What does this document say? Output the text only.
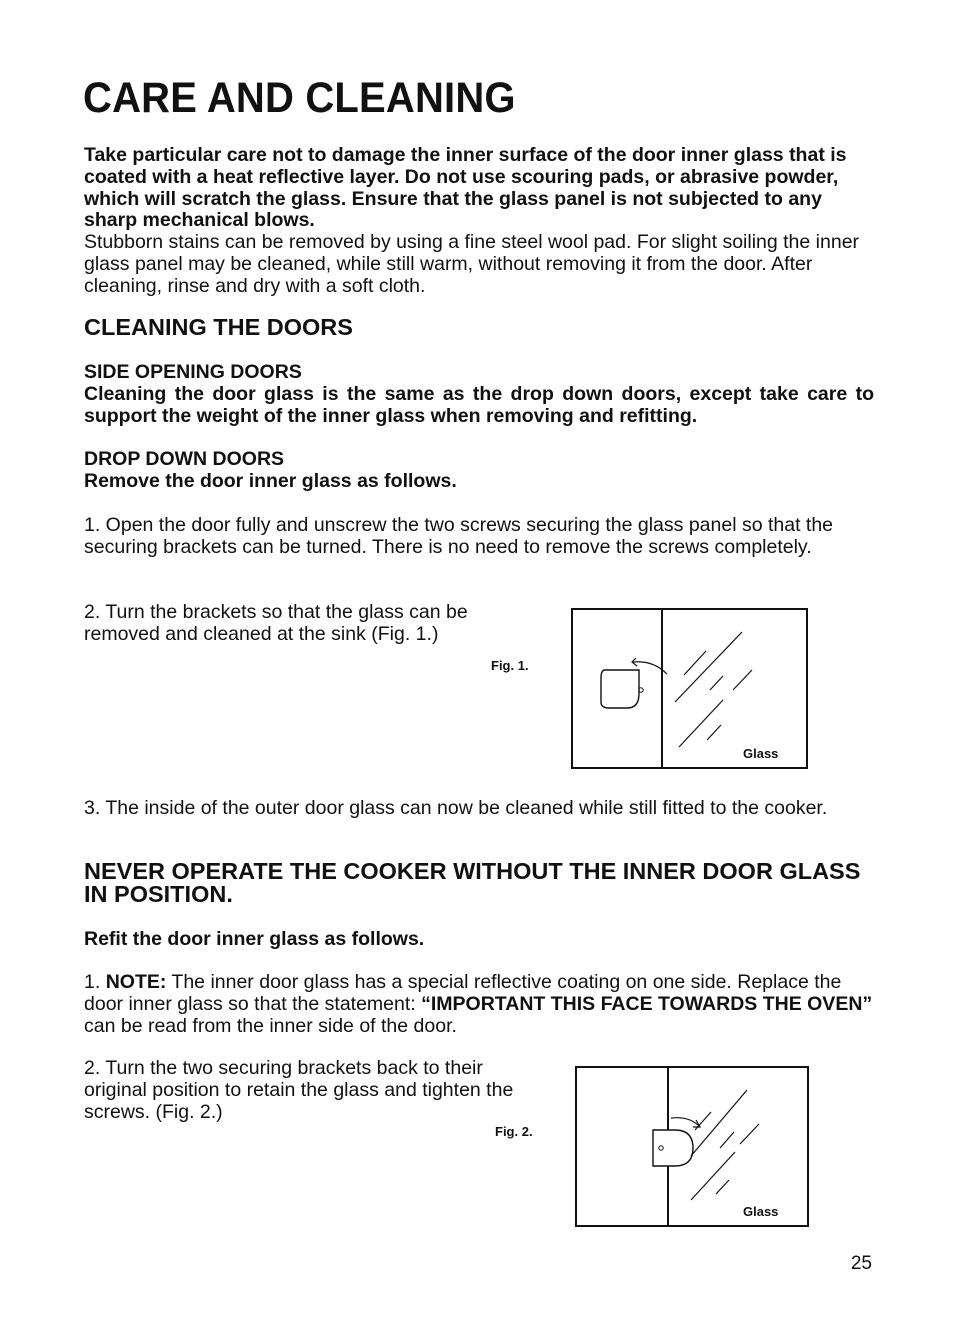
CARE AND CLEANING
Take particular care not to damage the inner surface of the door inner glass that is coated with a heat reflective layer. Do not use scouring pads, or abrasive powder, which will scratch the glass. Ensure that the glass panel is not subjected to any sharp mechanical blows.
Stubborn stains can be removed by using a fine steel wool pad. For slight soiling the inner glass panel may be cleaned, while still warm, without removing it from the door. After cleaning, rinse and dry with a soft cloth.
CLEANING THE DOORS
SIDE OPENING DOORS
Cleaning the door glass is the same as the drop down doors, except take care to support the weight of the inner glass when removing and refitting.
DROP DOWN DOORS
Remove the door inner glass as follows.
1. Open the door fully and unscrew the two screws securing the glass panel so that the securing brackets can be turned. There is no need to remove the screws completely.
2. Turn the brackets so that the glass can be removed and cleaned at the sink (Fig. 1.)
Fig. 1.
Glass
3. The inside of the outer door glass can now be cleaned while still fitted to the cooker.
NEVER OPERATE THE COOKER WITHOUT THE INNER DOOR GLASS IN POSITION.
Refit the door inner glass as follows.
1. NOTE: The inner door glass has a special reflective coating on one side. Replace the door inner glass so that the statement: “IMPORTANT THIS FACE TOWARDS THE OVEN” can be read from the inner side of the door.
2. Turn the two securing brackets back to their original position to retain the glass and tighten the screws. (Fig. 2.)
Fig. 2.
Glass
25
